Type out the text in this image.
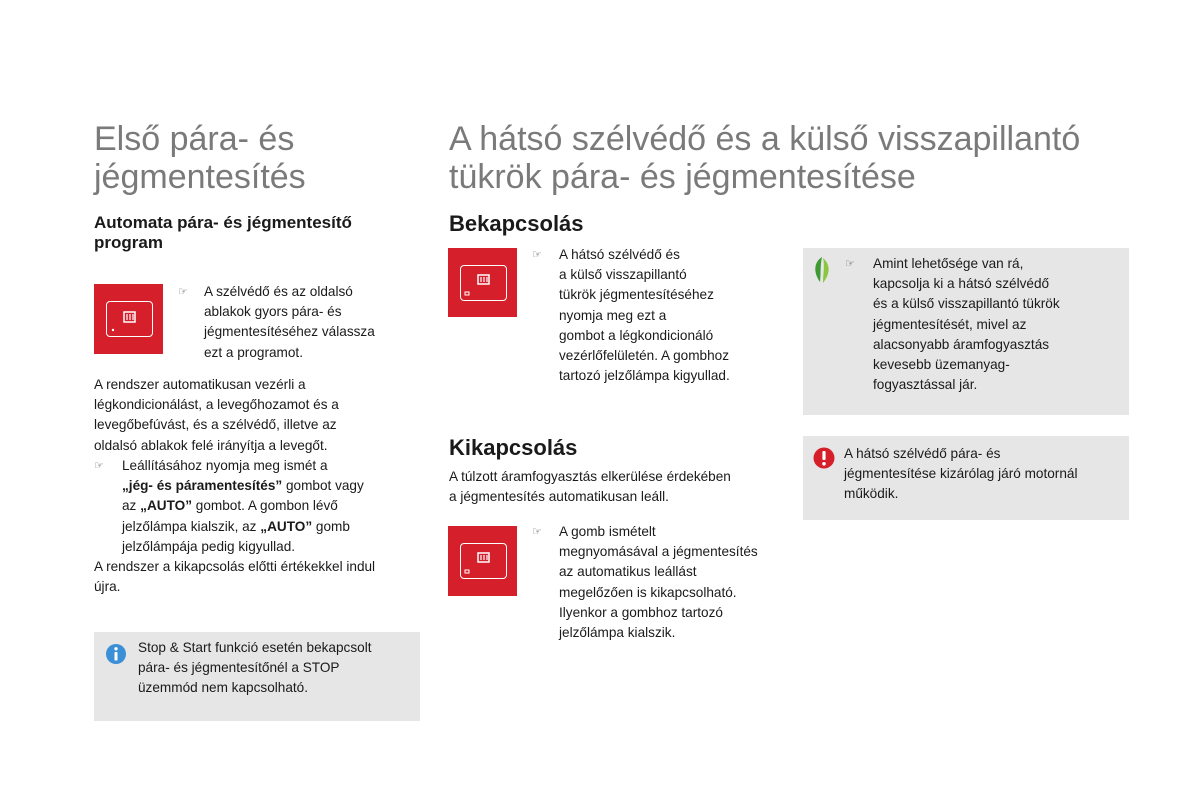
Első pára- és
jégmentesítés

Automata pára- és jégmentesítő
program

☞ A szélvédő és az oldalsó
ablakok gyors pára- és
jégmentesítéséhez válassza
ezt a programot.

A rendszer automatikusan vezérli a
légkondicionálást, a levegőhozamot és a
levegőbefúvást, és a szélvédő, illetve az
oldalsó ablakok felé irányítja a levegőt.

☞ Leállításához nyomja meg ismét a
„jég- és páramentesítés” gombot vagy
az „AUTO” gombot. A gombon lévő
jelzőlámpa kialszik, az „AUTO” gomb
jelzőlámpája pedig kigyullad.

A rendszer a kikapcsolás előtti értékekkel indul
újra.

Stop & Start funkció esetén bekapcsolt
pára- és jégmentesítőnél a STOP
üzemmód nem kapcsolható.

A hátsó szélvédő és a külső visszapillantó
tükrök pára- és jégmentesítése

Bekapcsolás

☞ A hátsó szélvédő és
a külső visszapillantó
tükrök jégmentesítéséhez
nyomja meg ezt a
gombot a légkondicionáló
vezérlőfelületén. A gombhoz
tartozó jelzőlámpa kigyullad.

Kikapcsolás

A túlzott áramfogyasztás elkerülése érdekében
a jégmentesítés automatikusan leáll.

☞ A gomb ismételt
megnyomásával a jégmentesítés
az automatikus leállást
megelőzően is kikapcsolható.
Ilyenkor a gombhoz tartozó
jelzőlámpa kialszik.

☞ Amint lehetősége van rá,
kapcsolja ki a hátsó szélvédő
és a külső visszapillantó tükrök
jégmentesítését, mivel az
alacsonyabb áramfogyasztás
kevesebb üzemanyag-
fogyasztással jár.

A hátsó szélvédő pára- és
jégmentesítése kizárólag járó motornál
működik.
